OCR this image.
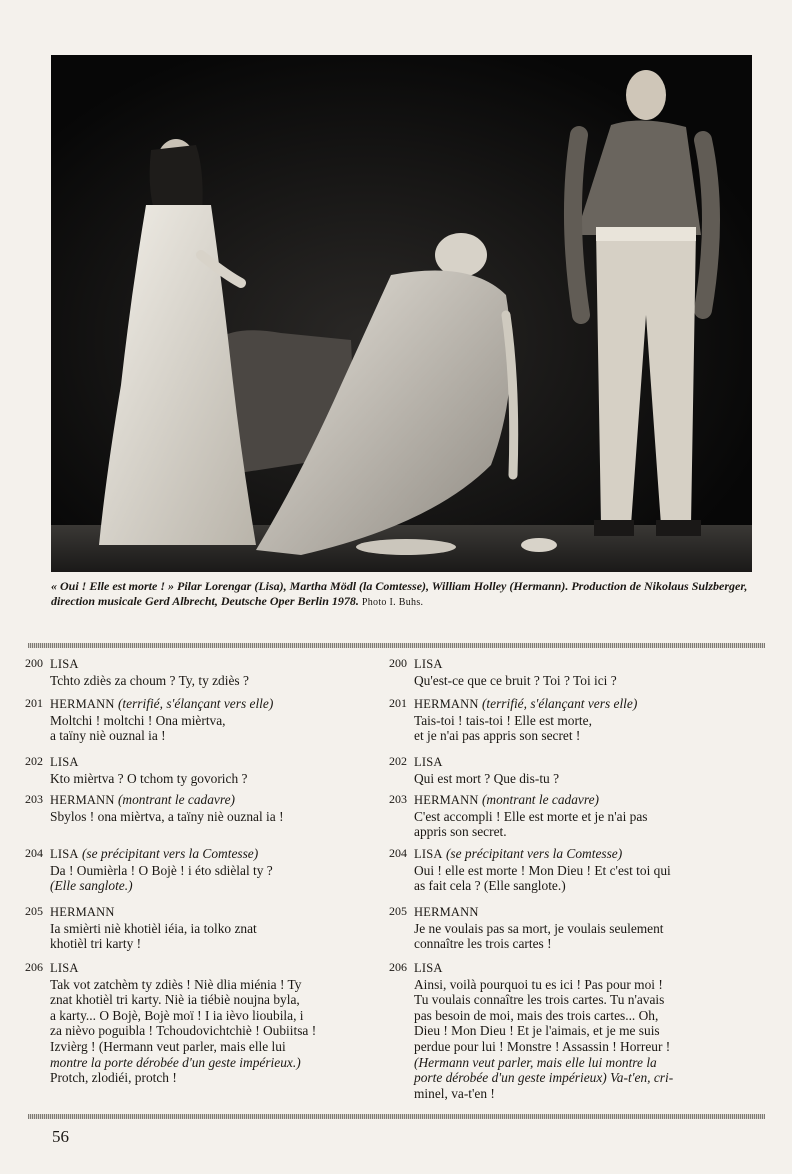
« Oui ! Elle est morte ! » Pilar Lorengar (Lisa), Martha Mödl (la Comtesse), William Holley (Hermann). Production de Nikolaus Sulzberger, direction musicale Gerd Albrecht, Deutsche Oper Berlin 1978. Photo I. Buhs.
200 LISA
Tchto zdiès za choum ? Ty, ty zdiès ?
201 HERMANN (terrifié, s'élançant vers elle)
Moltchi ! moltchi ! Ona mièrtva,
a taïny niè ouznal ia !
202 LISA
Kto mièrtva ? O tchom ty govorich ?
203 HERMANN (montrant le cadavre)
Sbylos ! ona mièrtva, a taïny niè ouznal ia !
204 LISA (se précipitant vers la Comtesse)
Da ! Oumièrla ! O Bojè ! i éto sdièlal ty ?
(Elle sanglote.)
205 HERMANN
Ia smièrti niè khotièl iéia, ia tolko znat
khotièl tri karty !
206 LISA
Tak vot zatchèm ty zdiès ! Niè dlia miénia ! Ty
znat khotièl tri karty. Niè ia tiébiè noujna byla,
a karty... O Bojè, Bojè moï ! I ia ièvo lioubila, i
za nièvo poguibla ! Tchoudovichtchiè ! Oubiitsa !
Izvièrg ! (Hermann veut parler, mais elle lui
montre la porte dérobée d'un geste impérieux.)
Protch, zlodiéi, protch !
200 LISA
Qu'est-ce que ce bruit ? Toi ? Toi ici ?
201 HERMANN (terrifié, s'élançant vers elle)
Tais-toi ! tais-toi ! Elle est morte,
et je n'ai pas appris son secret !
202 LISA
Qui est mort ? Que dis-tu ?
203 HERMANN (montrant le cadavre)
C'est accompli ! Elle est morte et je n'ai pas
appris son secret.
204 LISA (se précipitant vers la Comtesse)
Oui ! elle est morte ! Mon Dieu ! Et c'est toi qui
as fait cela ? (Elle sanglote.)
205 HERMANN
Je ne voulais pas sa mort, je voulais seulement
connaître les trois cartes !
206 LISA
Ainsi, voilà pourquoi tu es ici ! Pas pour moi !
Tu voulais connaître les trois cartes. Tu n'avais
pas besoin de moi, mais des trois cartes... Oh,
Dieu ! Mon Dieu ! Et je l'aimais, et je me suis
perdue pour lui ! Monstre ! Assassin ! Horreur !
(Hermann veut parler, mais elle lui montre la
porte dérobée d'un geste impérieux) Va-t'en, cri-
minel, va-t'en !
56
